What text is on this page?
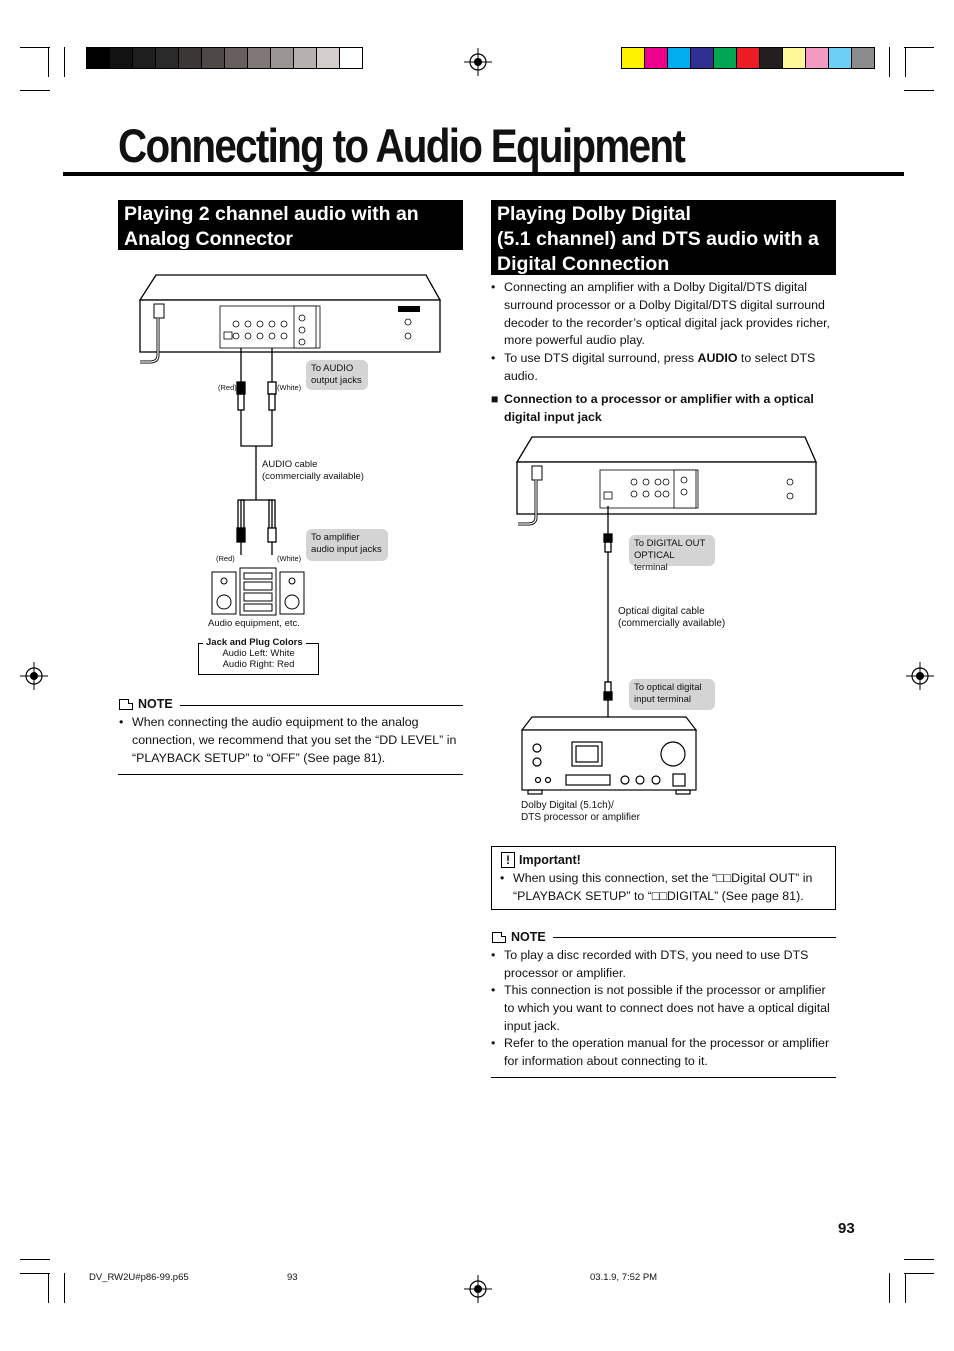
Connecting to Audio Equipment
Playing 2 channel audio with an
Analog Connector
To AUDIO
output jacks
(Red)	(White)
AUDIO cable
(commercially available)
To amplifier
audio input jacks
(Red)	(White)
Audio equipment, etc.
Jack and Plug Colors
Audio Left: White
Audio Right: Red
NOTE
• When connecting the audio equipment to the analog connection, we recommend that you set the “DD LEVEL” in “PLAYBACK SETUP” to “OFF” (See page 81).
Playing Dolby Digital
(5.1 channel) and DTS audio with a
Digital Connection
• Connecting an amplifier with a Dolby Digital/DTS digital surround processor or a Dolby Digital/DTS digital surround decoder to the recorder’s optical digital jack provides richer, more powerful audio play.
• To use DTS digital surround, press AUDIO to select DTS audio.
■ Connection to a processor or amplifier with a optical digital input jack
To DIGITAL OUT
OPTICAL terminal
Optical digital cable
(commercially available)
To optical digital
input terminal
Dolby Digital (5.1ch)/
DTS processor or amplifier
! Important!
• When using this connection, set the “□□Digital OUT” in “PLAYBACK SETUP” to “□□DIGITAL” (See page 81).
NOTE
• To play a disc recorded with DTS, you need to use DTS processor or amplifier.
• This connection is not possible if the processor or amplifier to which you want to connect does not have a optical digital input jack.
• Refer to the operation manual for the processor or amplifier for information about connecting to it.
93
DV_RW2U#p86-99.p65	93	03.1.9, 7:52 PM
